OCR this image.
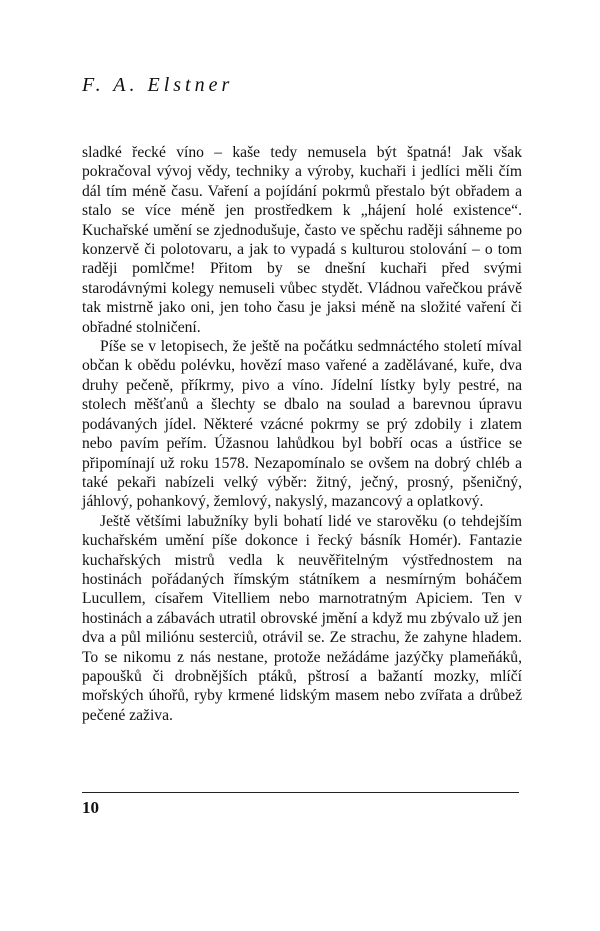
F. A. Elstner

sladké řecké víno – kaše tedy nemusela být špatná! Jak však pokračoval vývoj vědy, techniky a výroby, kuchaři i jedlíci měli čím dál tím méně času. Vaření a pojídání pokrmů přestalo být obřadem a stalo se více méně jen prostředkem k „hájení holé existence“. Kuchařské umění se zjednodušuje, často ve spěchu raději sáhneme po konzervě či polotovaru, a jak to vypadá s kulturou stolování – o tom raději pomlčme! Přitom by se dnešní kuchaři před svými starodávnými kolegy nemuseli vůbec stydět. Vládnou vařečkou právě tak mistrně jako oni, jen toho času je jaksi méně na složité vaření či obřadné stolničení.

Píše se v letopisech, že ještě na počátku sedmnáctého století míval občan k obědu polévku, hovězí maso vařené a zadělávané, kuře, dva druhy pečeně, příkrmy, pivo a víno. Jídelní lístky byly pestré, na stolech měšťanů a šlechty se dbalo na soulad a barevnou úpravu podávaných jídel. Některé vzácné pokrmy se prý zdobily i zlatem nebo pavím peřím. Úžasnou lahůdkou byl bobří ocas a ústřice se připomínají už roku 1578. Nezapomínalo se ovšem na dobrý chléb a také pekaři nabízeli velký výběr: žitný, ječný, prosný, pšeničný, jáhlový, pohankový, žemlový, nakyslý, mazancový a oplatkový.

Ještě většími labužníky byli bohatí lidé ve starověku (o tehdejším kuchařském umění píše dokonce i řecký básník Homér). Fantazie kuchařských mistrů vedla k neuvěřitelným výstřednostem na hostinách pořádaných římským státníkem a nesmírným boháčem Lucullem, císařem Vitelliem nebo marnotratným Apiciem. Ten v hostinách a zábavách utratil obrovské jmění a když mu zbývalo už jen dva a půl miliónu sesterciů, otrávil se. Ze strachu, že zahyne hladem. To se nikomu z nás nestane, protože nežádáme jazýčky plameňáků, papoušků či drobnějších ptáků, pštrosí a bažantí mozky, mlíčí mořských úhořů, ryby krmené lidským masem nebo zvířata a drůbež pečené zaživa.

10
